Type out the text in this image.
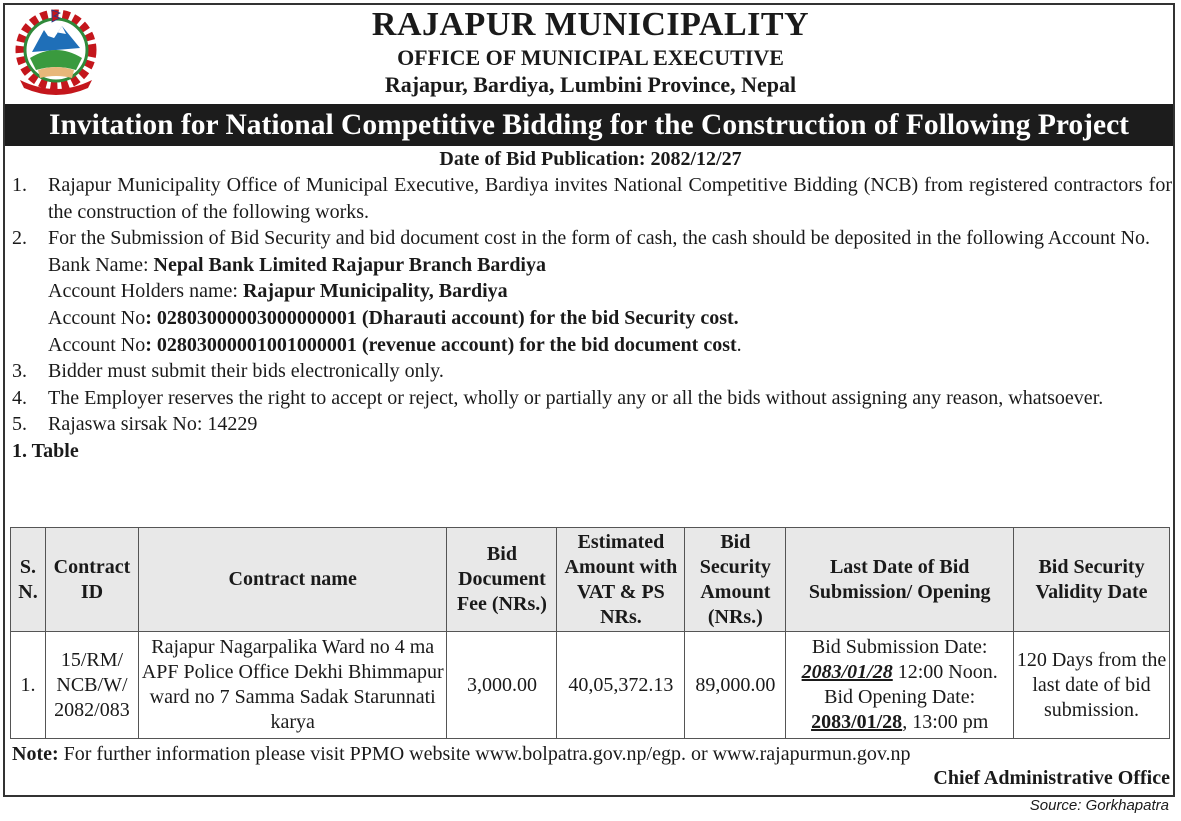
RAJAPUR MUNICIPALITY
OFFICE OF MUNICIPAL EXECUTIVE
Rajapur, Bardiya, Lumbini Province, Nepal
Invitation for National Competitive Bidding for the Construction of Following Project
Date of Bid Publication: 2082/12/27
1.	Rajapur Municipality Office of Municipal Executive, Bardiya invites National Competitive Bidding (NCB) from registered contractors for the construction of the following works.
2.	For the Submission of Bid Security and bid document cost in the form of cash, the cash should be deposited in the following Account No.
Bank Name: Nepal Bank Limited Rajapur Branch Bardiya
Account Holders name: Rajapur Municipality, Bardiya
Account No: 02803000003000000001 (Dharauti account) for the bid Security cost.
Account No: 02803000001001000001 (revenue account) for the bid document cost.
3.	Bidder must submit their bids electronically only.
4.	The Employer reserves the right to accept or reject, wholly or partially any or all the bids without assigning any reason, whatsoever.
5.	Rajaswa sirsak No: 14229
1. Table
S. N.	Contract ID	Contract name	Bid Document Fee (NRs.)	Estimated Amount with VAT & PS NRs.	Bid Security Amount (NRs.)	Last Date of Bid Submission/ Opening	Bid Security Validity Date
1.	15/RM/ NCB/W/ 2082/083	Rajapur Nagarpalika Ward no 4 ma APF Police Office Dekhi Bhimmapur ward no 7 Samma Sadak Starunnati karya	3,000.00	40,05,372.13	89,000.00	Bid Submission Date:
2083/01/28 12:00 Noon.
Bid Opening Date:
2083/01/28, 13:00 pm	120 Days from the last date of bid submission.
Note: For further information please visit PPMO website www.bolpatra.gov.np/egp. or www.rajapurmun.gov.np
Chief Administrative Office
Source: Gorkhapatra
